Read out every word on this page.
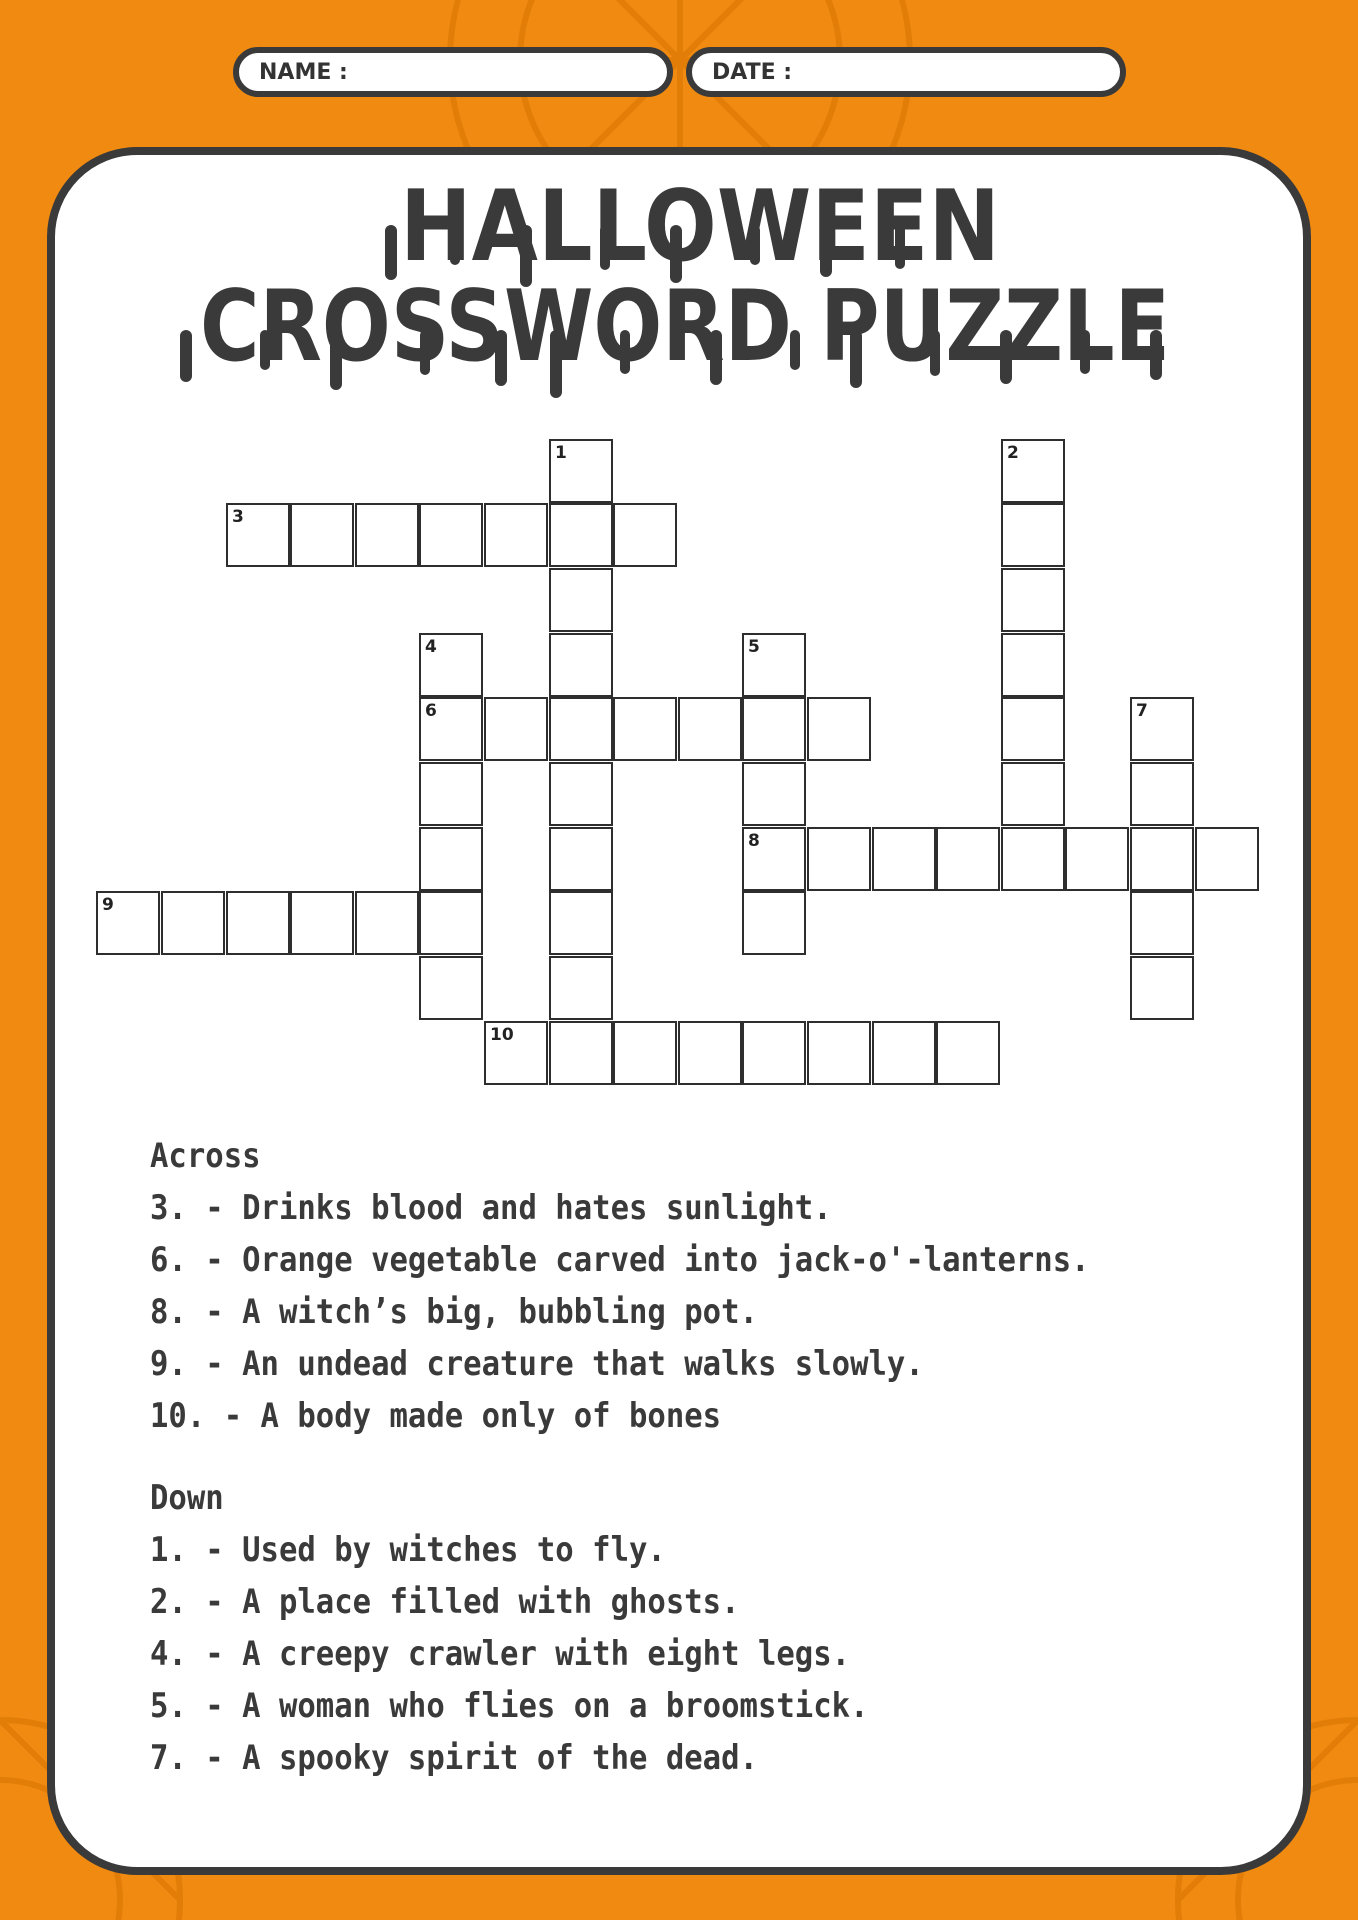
NAME :	DATE :
HALLOWEEN
CROSSWORD PUZZLE
3
1	2
4
6
5
7
8
9
10
Across
3. - Drinks blood and hates sunlight.
6. - Orange vegetable carved into jack-o'-lanterns.
8. - A witch’s big, bubbling pot.
9. - An undead creature that walks slowly.
10. - A body made only of bones
Down
1. - Used by witches to fly.
2. - A place filled with ghosts.
4. - A creepy crawler with eight legs.
5. - A woman who flies on a broomstick.
7. - A spooky spirit of the dead.
